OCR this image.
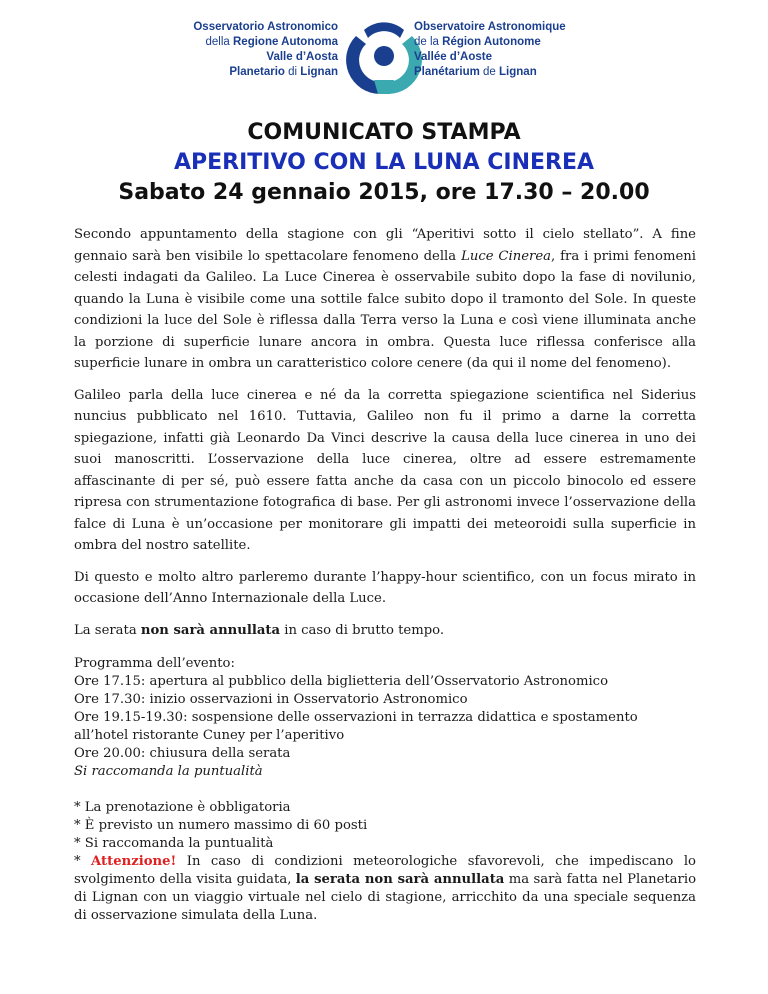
Osservatorio Astronomico
della Regione Autonoma
Valle d’Aosta
Planetario di Lignan
Observatoire Astronomique
de la Région Autonome
Vallée d’Aoste
Planétarium de Lignan
COMUNICATO STAMPA
APERITIVO CON LA LUNA CINEREA
Sabato 24 gennaio 2015, ore 17.30 – 20.00

Secondo appuntamento della stagione con gli “Aperitivi sotto il cielo stellato”. A fine gennaio sarà ben visibile lo spettacolare fenomeno della Luce Cinerea, fra i primi fenomeni celesti indagati da Galileo. La Luce Cinerea è osservabile subito dopo la fase di novilunio, quando la Luna è visibile come una sottile falce subito dopo il tramonto del Sole. In queste condizioni la luce del Sole è riflessa dalla Terra verso la Luna e così viene illuminata anche la porzione di superficie lunare ancora in ombra. Questa luce riflessa conferisce alla superficie lunare in ombra un caratteristico colore cenere (da qui il nome del fenomeno).

Galileo parla della luce cinerea e né da la corretta spiegazione scientifica nel Siderius nuncius pubblicato nel 1610. Tuttavia, Galileo non fu il primo a darne la corretta spiegazione, infatti già Leonardo Da Vinci descrive la causa della luce cinerea in uno dei suoi manoscritti. L’osservazione della luce cinerea, oltre ad essere estremamente affascinante di per sé, può essere fatta anche da casa con un piccolo binocolo ed essere ripresa con strumentazione fotografica di base. Per gli astronomi invece l’osservazione della falce di Luna è un’occasione per monitorare gli impatti dei meteoroidi sulla superficie in ombra del nostro satellite.

Di questo e molto altro parleremo durante l’happy-hour scientifico, con un focus mirato in occasione dell’Anno Internazionale della Luce.

La serata non sarà annullata in caso di brutto tempo.

Programma dell’evento:

Ore 17.15: apertura al pubblico della biglietteria dell’Osservatorio Astronomico

Ore 17.30: inizio osservazioni in Osservatorio Astronomico

Ore 19.15-19.30: sospensione delle osservazioni in terrazza didattica e spostamento all’hotel ristorante Cuney per l’aperitivo

Ore 20.00: chiusura della serata

Si raccomanda la puntualità

* La prenotazione è obbligatoria

* È previsto un numero massimo di 60 posti

* Si raccomanda la puntualità

* Attenzione! In caso di condizioni meteorologiche sfavorevoli, che impediscano lo svolgimento della visita guidata, la serata non sarà annullata ma sarà fatta nel Planetario di Lignan con un viaggio virtuale nel cielo di stagione, arricchito da una speciale sequenza di osservazione simulata della Luna.
